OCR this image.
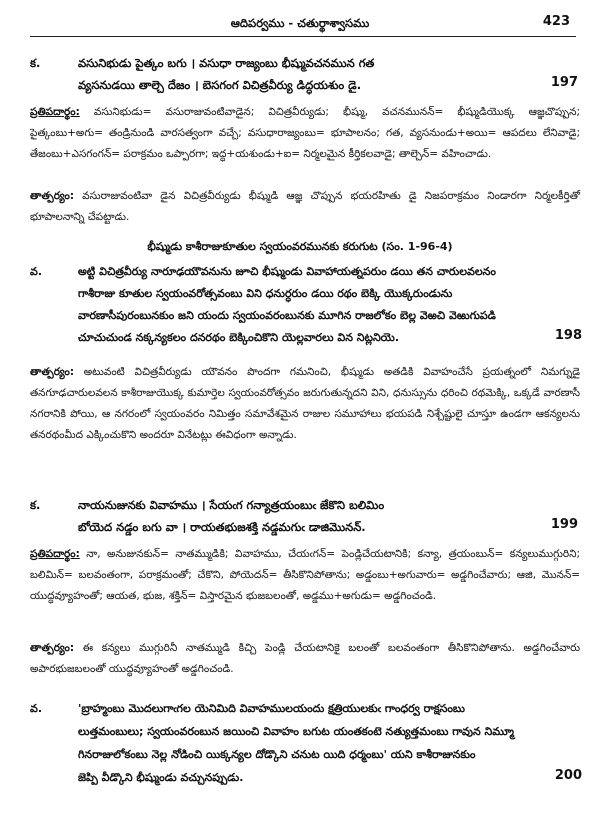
ఆదిపర్వము - చతుర్థాశ్వాసము	423
క.	వసునిభుడు పైత్కం బగు । వసుధా రాజ్యంబు భీష్మువచనమున గత
వ్యసనుడయి తాల్చె దేజం । బెసగంగ విచిత్రవీర్యు డిద్ధయశుం డై.	197
ప్రతిపదార్థం: వసునిభుడు= వసురాజువంటివాడైన; విచిత్రవీర్యుడు; భీష్ము, వచనమునన్= భీష్ముడియొక్క ఆజ్ఞచొప్పున; పైత్కంబు+అగు= తండ్రినుండి వారసత్వంగా వచ్చే; వసుధారాజ్యంబు= భూపాలనం; గత, వ్యసనుండు+అయి= ఆపదలు లేనివాడై; తేజంబు+ఎసగంగన్= పరాక్రమం ఒప్పారగా; ఇద్ధ+యశుండు+ఐ= నిర్మలమైన కీర్తికలవాడై; తాల్చెన్= వహించాడు.
తాత్పర్యం: వసురాజువంటివా డైన విచిత్రవీర్యుడు భీష్ముడి ఆజ్ఞ చొప్పున భయరహితు డై నిజపరాక్రమం నిండారగా నిర్మలకీర్తితో భూపాలనాన్ని చేపట్టాడు.
భీష్ముడు కాశీరాజుకూతుల స్వయంవరమునకు కరుగుట (సం. 1-96-4)
వ.	అట్టి విచిత్రవీర్యు నారూఢయౌవనును జూచి భీష్ముండు వివాహాయత్నపరుం డయి తన చారులవలనం
గాశీరాజు కూతుల స్వయంవరోత్సవంబు విని ధనుర్ధరుం డయి రథం బెక్కి యొక్కరుండును
వారణాసీపురంబునకుం జని యందు స్వయంవరంబునకు మూగిన రాజలోకం బెల్ల వెఱచి వెఱుగుపడి
చూచుచుండ నక్కన్యకలం దనరథం బెక్కించికొని యెల్లవారలు విన నిట్లనియె.	198
తాత్పర్యం: అటువంటి విచిత్రవీర్యుడు యౌవనం పొందగా గమనించి, భీష్ముడు అతడికి వివాహంచేసే ప్రయత్నంలో నిమగ్నుడై తనగూఢచారులవలన కాశీరాజుయొక్క కుమార్తెల స్వయంవరోత్సవం జరుగుతున్నదని విని, ధనుస్సును ధరించి రథమెక్కి, ఒక్కడే వారణాసీ నగరానికి పోయి, ఆ నగరంలో స్వయంవరం నిమిత్తం సమావేశమైన రాజుల సమూహాలు భయపడి నిశ్చేష్టులై చూస్తూ ఉండగా ఆకన్యలను తనరథంమీద ఎక్కించుకొని అందరూ వినేటట్లు ఈవిధంగా అన్నాడు.
క.	నాయనుజునకు వివాహము । సేయఁగ గన్యాత్రయంబుఁ జేకొని బలిమిం
బోయెద నడ్డం బగు వా । రాయతభుజశక్తి నడ్డమగుఁ డాజిమొనన్.	199
ప్రతిపదార్థం: నా, అనుజునకున్= నాతమ్ముడికి; వివాహము, చేయఁగన్= పెండ్లిచేయటానికి; కన్యా, త్రయంబున్= కన్యలుముగ్గురిని; బలిమిన్= బలవంతంగా, పరాక్రమంతో; చేకొని, పోయెదన్= తీసికొనిపోతాను; అడ్డంబు+అగువారు= అడ్డగించేవారు; ఆజి, మొనన్= యుద్ధవ్యూహంతో; ఆయత, భుజ, శక్తిన్= విస్తారమైన భుజబలంతో, అడ్డము+అగుడు= అడ్డగించండి.
తాత్పర్యం: ఈ కన్యలు ముగ్గురినీ నాతమ్ముడి కిచ్చి పెండ్లి చేయటానికై బలంతో బలవంతంగా తీసికొనిపోతాను. అడ్డగించేవారు అపారభుజబలంతో యుద్ధవ్యూహంతో అడ్డగించండి.
వ.	'బ్రాహ్మంబు మొదలుగాఁగల యెనిమిది వివాహములయందు క్షత్రియులకుఁ గాంధర్వ రాక్షసంబు
లుత్తమంబులు; స్వయంవరంబున జయించి వివాహం బగుట యంతకంటె నత్యుత్తమంబు గావున నిమ్మూ
గినరాజులోకంబు నెల్ల నోడించి యిక్కన్యల దోడ్కొని చనుట యిది ధర్మంబు' యని కాశీరాజునకుం
జెప్పి వీడ్కొని భీష్ముండు వచ్చునప్పుడు.	200
